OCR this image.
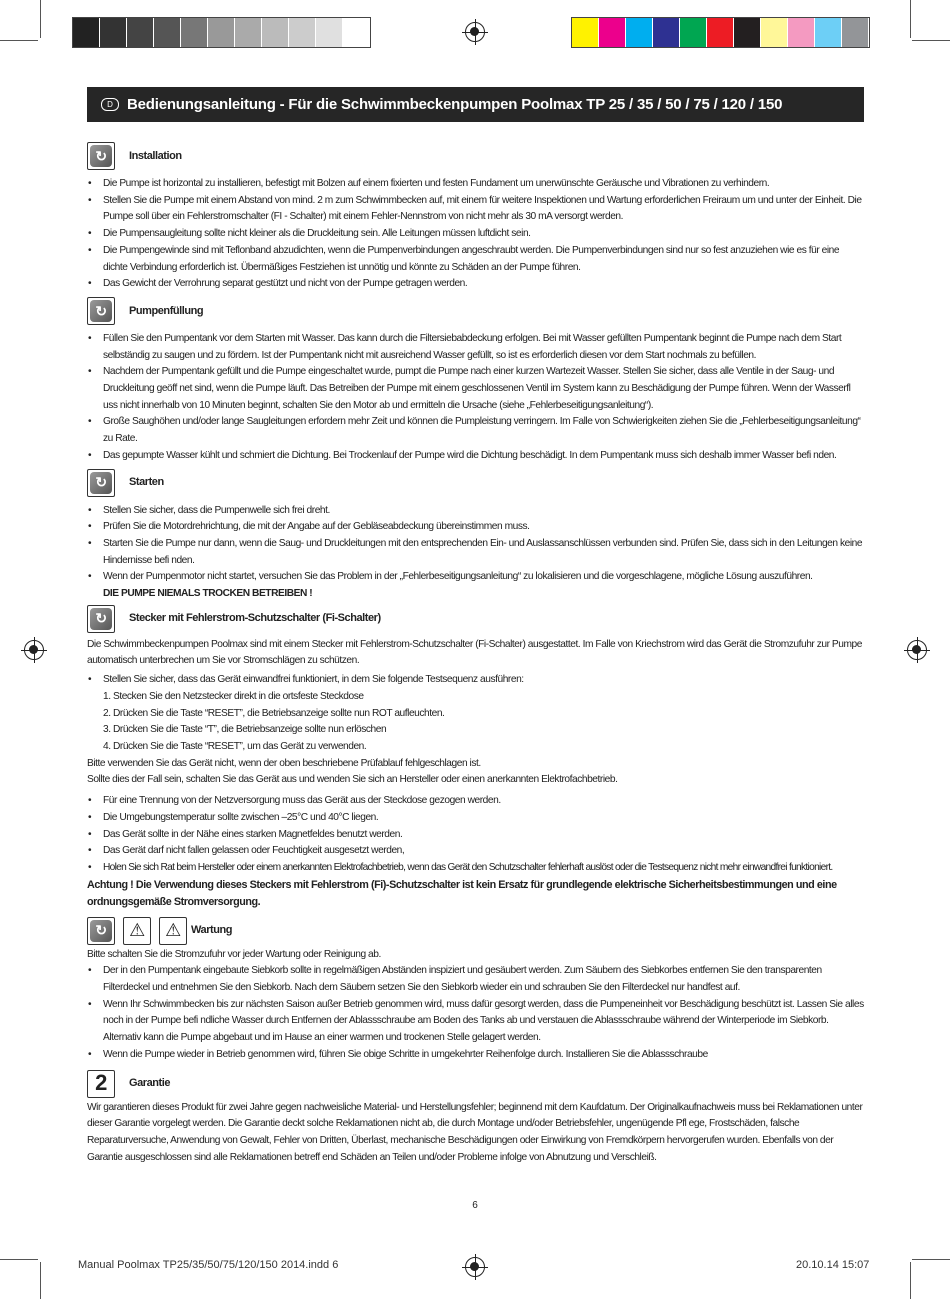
D Bedienungsanleitung - Für die Schwimmbeckenpumpen Poolmax TP 25 / 35 / 50 / 75 / 120 / 150
↻	Installation
• Die Pumpe ist horizontal zu installieren, befestigt mit Bolzen auf einem fixierten und festen Fundament um unerwünschte Geräusche und Vibrationen zu verhindern.
• Stellen Sie die Pumpe mit einem Abstand von mind. 2 m zum Schwimmbecken auf, mit einem für weitere Inspektionen und Wartung erforderlichen Freiraum um und unter der Einheit. Die Pumpe soll über ein Fehlerstromschalter (FI - Schalter) mit einem Fehler-Nennstrom von nicht mehr als 30 mA versorgt werden.
• Die Pumpensaugleitung sollte nicht kleiner als die Druckleitung sein. Alle Leitungen müssen luftdicht sein.
• Die Pumpengewinde sind mit Teflonband abzudichten, wenn die Pumpenverbindungen angeschraubt werden. Die Pumpenverbindungen sind nur so fest anzuziehen wie es für eine dichte Verbindung erforderlich ist. Übermäßiges Festziehen ist unnötig und könnte zu Schäden an der Pumpe führen.
• Das Gewicht der Verrohrung separat gestützt und nicht von der Pumpe getragen werden.
↻	Pumpenfüllung
• Füllen Sie den Pumpentank vor dem Starten mit Wasser. Das kann durch die Filtersiebabdeckung erfolgen. Bei mit Wasser gefüllten Pumpentank beginnt die Pumpe nach dem Start selbständig zu saugen und zu fördern. Ist der Pumpentank nicht mit ausreichend Wasser gefüllt, so ist es erforderlich diesen vor dem Start nochmals zu befüllen.
• Nachdem der Pumpentank gefüllt und die Pumpe eingeschaltet wurde, pumpt die Pumpe nach einer kurzen Wartezeit Wasser. Stellen Sie sicher, dass alle Ventile in der Saug- und Druckleitung geöff net sind, wenn die Pumpe läuft. Das Betreiben der Pumpe mit einem geschlossenen Ventil im System kann zu Beschädigung der Pumpe führen. Wenn der Wasserfl uss nicht innerhalb von 10 Minuten beginnt, schalten Sie den Motor ab und ermitteln die Ursache (siehe „Fehlerbeseitigungsanleitung“).
• Große Saughöhen und/oder lange Saugleitungen erfordern mehr Zeit und können die Pumpleistung verringern. Im Falle von Schwierigkeiten ziehen Sie die „Fehlerbeseitigungsanleitung“ zu Rate.
• Das gepumpte Wasser kühlt und schmiert die Dichtung. Bei Trockenlauf der Pumpe wird die Dichtung beschädigt. In dem Pumpentank muss sich deshalb immer Wasser befi nden.
↻	Starten
• Stellen Sie sicher, dass die Pumpenwelle sich frei dreht.
• Prüfen Sie die Motordrehrichtung, die mit der Angabe auf der Gebläseabdeckung übereinstimmen muss.
• Starten Sie die Pumpe nur dann, wenn die Saug- und Druckleitungen mit den entsprechenden Ein- und Auslassanschlüssen verbunden sind. Prüfen Sie, dass sich in den Leitungen keine Hindernisse befi nden.
• Wenn der Pumpenmotor nicht startet, versuchen Sie das Problem in der „Fehlerbeseitigungsanleitung“ zu lokalisieren und die vorgeschlagene, mögliche Lösung auszuführen.

DIE PUMPE NIEMALS TROCKEN BETREIBEN !

↻	Stecker mit Fehlerstrom-Schutzschalter (Fi-Schalter)

Die Schwimmbeckenpumpen Poolmax sind mit einem Stecker mit Fehlerstrom-Schutzschalter (Fi-Schalter) ausgestattet. Im Falle von Kriechstrom wird das Gerät die Stromzufuhr zur Pumpe automatisch unterbrechen um Sie vor Stromschlägen zu schützen.

• Stellen Sie sicher, dass das Gerät einwandfrei funktioniert, in dem Sie folgende Testsequenz ausführen:

1. Stecken Sie den Netzstecker direkt in die ortsfeste Steckdose

2. Drücken Sie die Taste “RESET”, die Betriebsanzeige sollte nun ROT aufleuchten.

3. Drücken Sie die Taste “T”, die Betriebsanzeige sollte nun erlöschen

4. Drücken Sie die Taste “RESET”, um das Gerät zu verwenden.

Bitte verwenden Sie das Gerät nicht, wenn der oben beschriebene Prüfablauf fehlgeschlagen ist.

Sollte dies der Fall sein, schalten Sie das Gerät aus und wenden Sie sich an Hersteller oder einen anerkannten Elektrofachbetrieb.

• Für eine Trennung von der Netzversorgung muss das Gerät aus der Steckdose gezogen werden.
• Die Umgebungstemperatur sollte zwischen –25°C und 40°C liegen.
• Das Gerät sollte in der Nähe eines starken Magnetfeldes benutzt werden.
• Das Gerät darf nicht fallen gelassen oder Feuchtigkeit ausgesetzt werden,
• Holen Sie sich Rat beim Hersteller oder einem anerkannten Elektrofachbetrieb, wenn das Gerät den Schutzschalter fehlerhaft auslöst oder die Testsequenz nicht mehr einwandfrei funktioniert.

Achtung ! Die Verwendung dieses Steckers mit Fehlerstrom (Fi)-Schutzschalter ist kein Ersatz für grundlegende elektrische Sicherheitsbestimmungen und eine ordnungsgemäße Stromversorgung.

↻ ⚠ ⚠ Wartung

Bitte schalten Sie die Stromzufuhr vor jeder Wartung oder Reinigung ab.

• Der in den Pumpentank eingebaute Siebkorb sollte in regelmäßigen Abständen inspiziert und gesäubert werden. Zum Säubern des Siebkorbes entfernen Sie den transparenten Filterdeckel und entnehmen Sie den Siebkorb. Nach dem Säubern setzen Sie den Siebkorb wieder ein und schrauben Sie den Filterdeckel nur handfest auf.
• Wenn Ihr Schwimmbecken bis zur nächsten Saison außer Betrieb genommen wird, muss dafür gesorgt werden, dass die Pumpeneinheit vor Beschädigung beschützt ist. Lassen Sie alles noch in der Pumpe befi ndliche Wasser durch Entfernen der Ablassschraube am Boden des Tanks ab und verstauen die Ablassschraube während der Winterperiode im Siebkorb. Alternativ kann die Pumpe abgebaut und im Hause an einer warmen und trockenen Stelle gelagert werden.
• Wenn die Pumpe wieder in Betrieb genommen wird, führen Sie obige Schritte in umgekehrter Reihenfolge durch. Installieren Sie die Ablassschraube
2 Garantie

Wir garantieren dieses Produkt für zwei Jahre gegen nachweisliche Material- und Herstellungsfehler; beginnend mit dem Kaufdatum. Der Originalkaufnachweis muss bei Reklamationen unter dieser Garantie vorgelegt werden. Die Garantie deckt solche Reklamationen nicht ab, die durch Montage und/oder Betriebsfehler, ungenügende Pfl ege, Frostschäden, falsche Reparaturversuche, Anwendung von Gewalt, Fehler von Dritten, Überlast, mechanische Beschädigungen oder Einwirkung von Fremdkörpern hervorgerufen wurden. Ebenfalls von der Garantie ausgeschlossen sind alle Reklamationen betreff end Schäden an Teilen und/oder Probleme infolge von Abnutzung und Verschleiß.

6
Manual Poolmax TP25/35/50/75/120/150 2014.indd 6	20.10.14 15:07
